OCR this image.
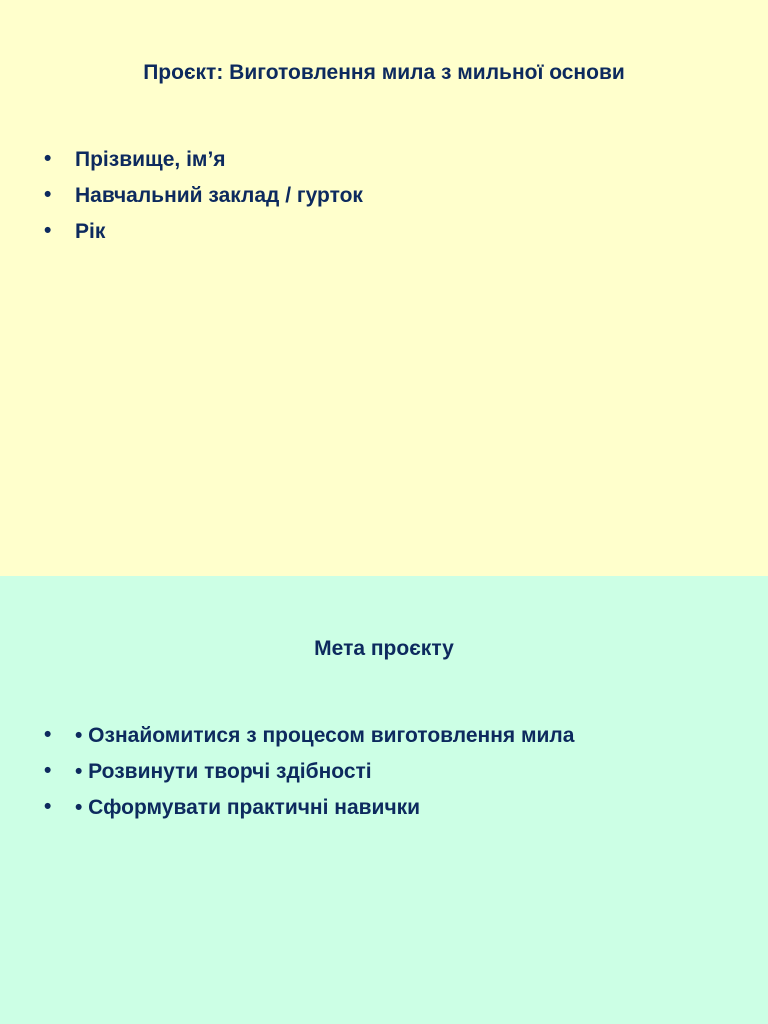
Проєкт: Виготовлення мила з мильної основи
• Прізвище, ім’я
• Навчальний заклад / гурток
• Рік
Мета проєкту
• • Ознайомитися з процесом виготовлення мила
• • Розвинути творчі здібності
• • Сформувати практичні навички
